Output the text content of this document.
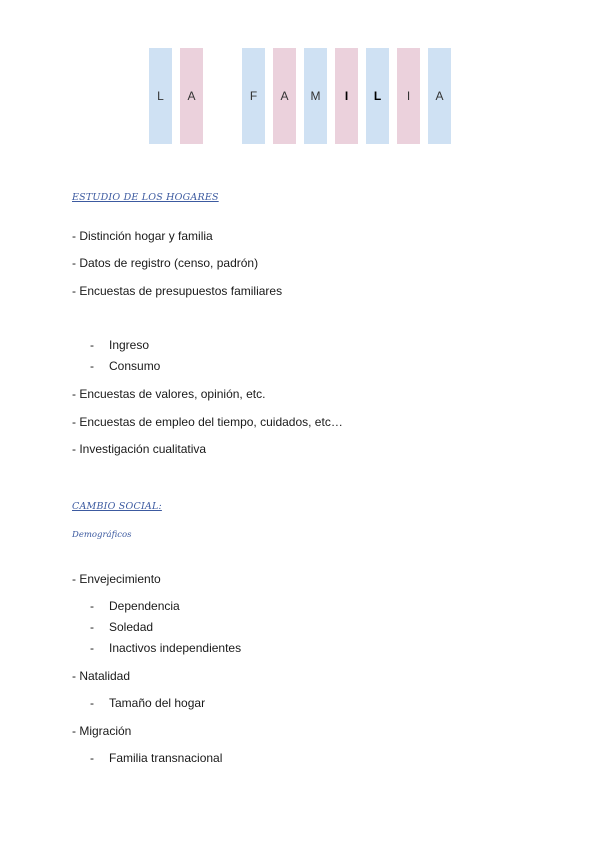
L A	F A M I L I A
ESTUDIO DE LOS HOGARES
- Distinción hogar y familia
- Datos de registro (censo, padrón)
- Encuestas de presupuestos familiares
- Ingreso
- Consumo
- Encuestas de valores, opinión, etc.
- Encuestas de empleo del tiempo, cuidados, etc…
- Investigación cualitativa
CAMBIO SOCIAL:
Demográficos
- Envejecimiento
- Dependencia
- Soledad
- Inactivos independientes
- Natalidad
- Tamaño del hogar
- Migración
- Familia transnacional
